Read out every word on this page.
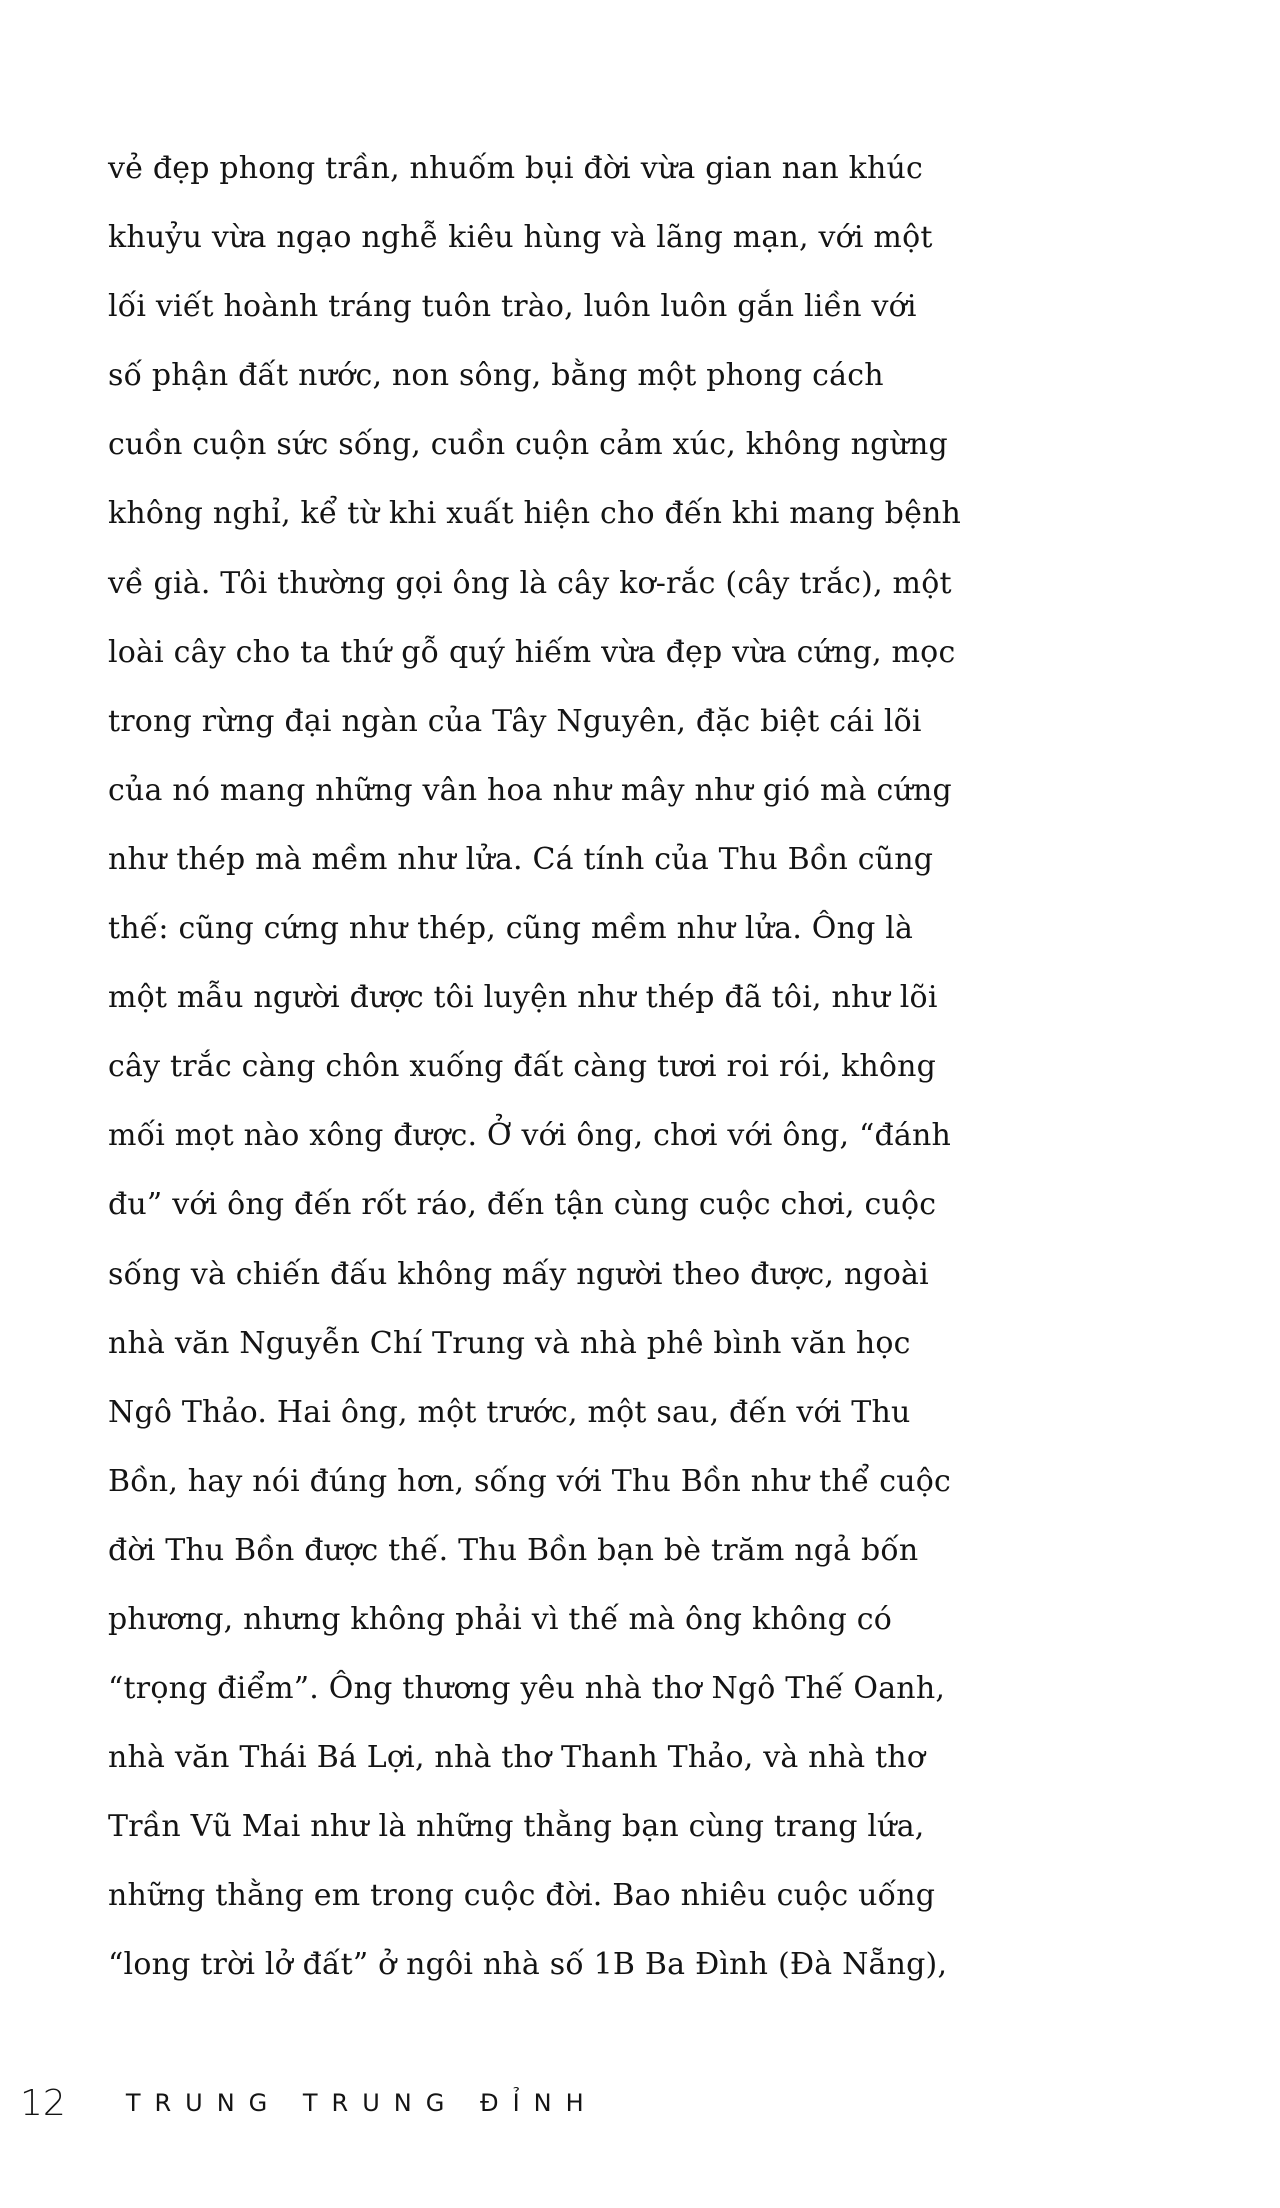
vẻ đẹp phong trần, nhuốm bụi đời vừa gian nan khúc
khuỷu vừa ngạo nghễ kiêu hùng và lãng mạn, với một
lối viết hoành tráng tuôn trào, luôn luôn gắn liền với
số phận đất nước, non sông, bằng một phong cách
cuồn cuộn sức sống, cuồn cuộn cảm xúc, không ngừng
không nghỉ, kể từ khi xuất hiện cho đến khi mang bệnh
về già. Tôi thường gọi ông là cây kơ-rắc (cây trắc), một
loài cây cho ta thứ gỗ quý hiếm vừa đẹp vừa cứng, mọc
trong rừng đại ngàn của Tây Nguyên, đặc biệt cái lõi
của nó mang những vân hoa như mây như gió mà cứng
như thép mà mềm như lửa. Cá tính của Thu Bồn cũng
thế: cũng cứng như thép, cũng mềm như lửa. Ông là
một mẫu người được tôi luyện như thép đã tôi, như lõi
cây trắc càng chôn xuống đất càng tươi roi rói, không
mối mọt nào xông được. Ở với ông, chơi với ông, “đánh
đu” với ông đến rốt ráo, đến tận cùng cuộc chơi, cuộc
sống và chiến đấu không mấy người theo được, ngoài
nhà văn Nguyễn Chí Trung và nhà phê bình văn học
Ngô Thảo. Hai ông, một trước, một sau, đến với Thu
Bồn, hay nói đúng hơn, sống với Thu Bồn như thể cuộc
đời Thu Bồn được thế. Thu Bồn bạn bè trăm ngả bốn
phương, nhưng không phải vì thế mà ông không có
“trọng điểm”. Ông thương yêu nhà thơ Ngô Thế Oanh,
nhà văn Thái Bá Lợi, nhà thơ Thanh Thảo, và nhà thơ
Trần Vũ Mai như là những thằng bạn cùng trang lứa,
những thằng em trong cuộc đời. Bao nhiêu cuộc uống
“long trời lở đất” ở ngôi nhà số 1B Ba Đình (Đà Nẵng),
12	TRUNG TRUNG ĐỈNH
